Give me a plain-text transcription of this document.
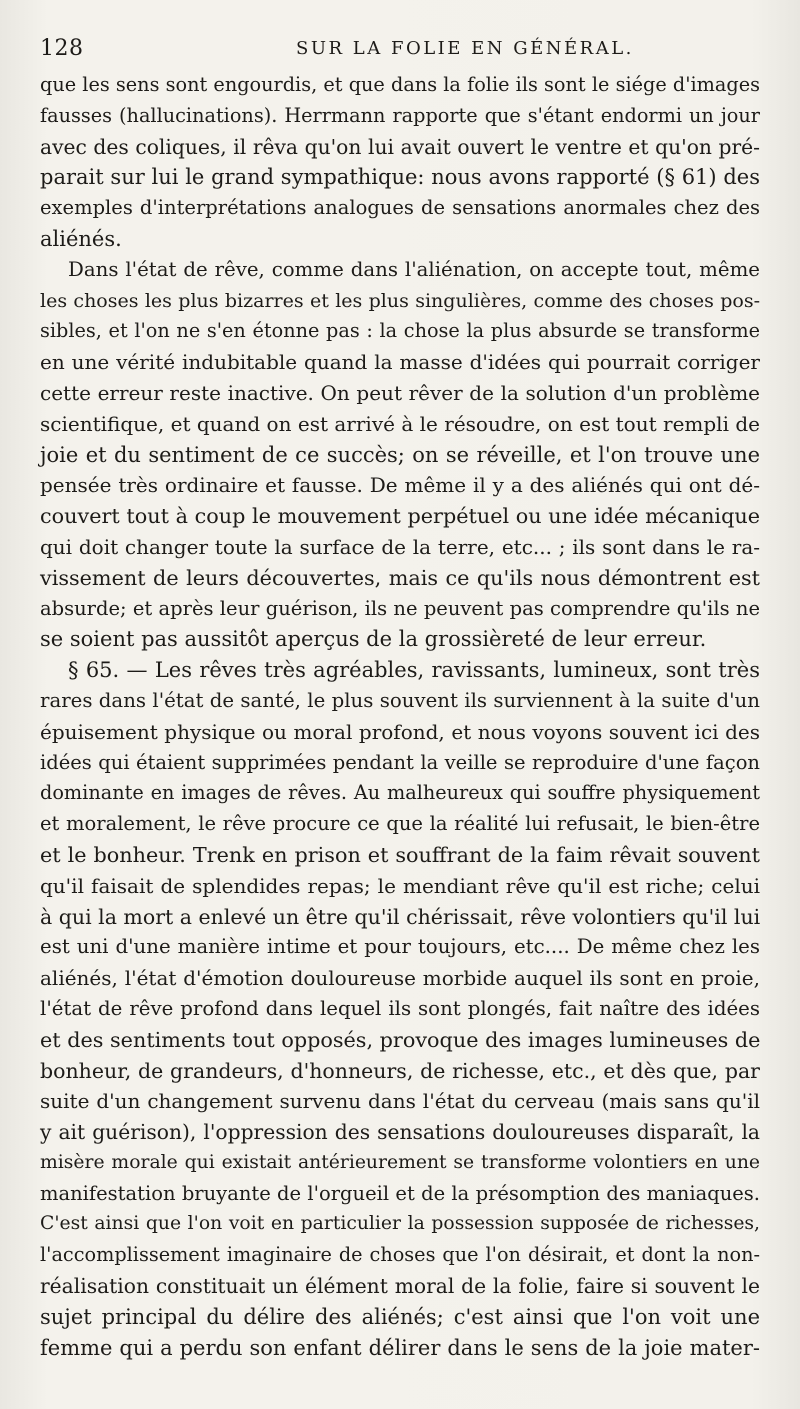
128	SUR LA FOLIE EN GÉNÉRAL.
que les sens sont engourdis, et que dans la folie ils sont le siége d'images
fausses (hallucinations). Herrmann rapporte que s'étant endormi un jour
avec des coliques, il rêva qu'on lui avait ouvert le ventre et qu'on pré-
parait sur lui le grand sympathique: nous avons rapporté (§ 61) des
exemples d'interprétations analogues de sensations anormales chez des
aliénés.
Dans l'état de rêve, comme dans l'aliénation, on accepte tout, même
les choses les plus bizarres et les plus singulières, comme des choses pos-
sibles, et l'on ne s'en étonne pas : la chose la plus absurde se transforme
en une vérité indubitable quand la masse d'idées qui pourrait corriger
cette erreur reste inactive. On peut rêver de la solution d'un problème
scientifique, et quand on est arrivé à le résoudre, on est tout rempli de
joie et du sentiment de ce succès; on se réveille, et l'on trouve une
pensée très ordinaire et fausse. De même il y a des aliénés qui ont dé-
couvert tout à coup le mouvement perpétuel ou une idée mécanique
qui doit changer toute la surface de la terre, etc... ; ils sont dans le ra-
vissement de leurs découvertes, mais ce qu'ils nous démontrent est
absurde; et après leur guérison, ils ne peuvent pas comprendre qu'ils ne
se soient pas aussitôt aperçus de la grossièreté de leur erreur.
§ 65. — Les rêves très agréables, ravissants, lumineux, sont très
rares dans l'état de santé, le plus souvent ils surviennent à la suite d'un
épuisement physique ou moral profond, et nous voyons souvent ici des
idées qui étaient supprimées pendant la veille se reproduire d'une façon
dominante en images de rêves. Au malheureux qui souffre physiquement
et moralement, le rêve procure ce que la réalité lui refusait, le bien-être
et le bonheur. Trenk en prison et souffrant de la faim rêvait souvent
qu'il faisait de splendides repas; le mendiant rêve qu'il est riche; celui
à qui la mort a enlevé un être qu'il chérissait, rêve volontiers qu'il lui
est uni d'une manière intime et pour toujours, etc.... De même chez les
aliénés, l'état d'émotion douloureuse morbide auquel ils sont en proie,
l'état de rêve profond dans lequel ils sont plongés, fait naître des idées
et des sentiments tout opposés, provoque des images lumineuses de
bonheur, de grandeurs, d'honneurs, de richesse, etc., et dès que, par
suite d'un changement survenu dans l'état du cerveau (mais sans qu'il
y ait guérison), l'oppression des sensations douloureuses disparaît, la
misère morale qui existait antérieurement se transforme volontiers en une
manifestation bruyante de l'orgueil et de la présomption des maniaques.
C'est ainsi que l'on voit en particulier la possession supposée de richesses,
l'accomplissement imaginaire de choses que l'on désirait, et dont la non-
réalisation constituait un élément moral de la folie, faire si souvent le
sujet principal du délire des aliénés; c'est ainsi que l'on voit une
femme qui a perdu son enfant délirer dans le sens de la joie mater-
